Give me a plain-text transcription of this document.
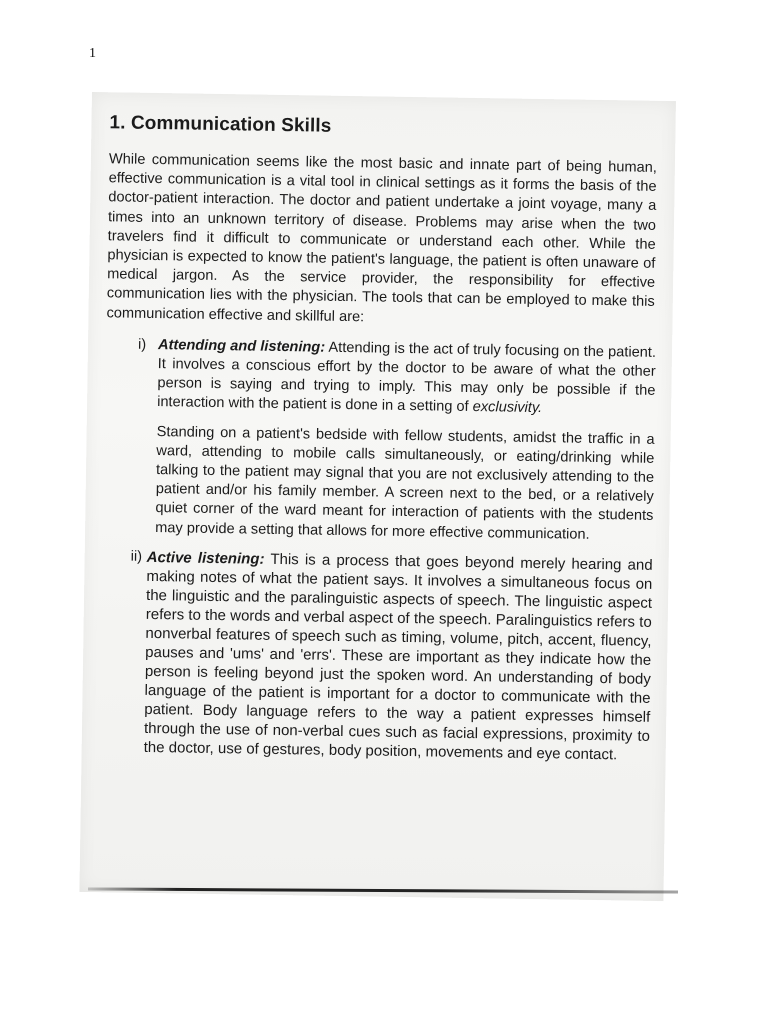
1
1. Communication Skills

While communication seems like the most basic and innate part of being human, effective communication is a vital tool in clinical settings as it forms the basis of the doctor-patient interaction. The doctor and patient undertake a joint voyage, many a times into an unknown territory of disease. Problems may arise when the two travelers find it difficult to communicate or understand each other. While the physician is expected to know the patient's language, the patient is often unaware of medical jargon. As the service provider, the responsibility for effective communication lies with the physician. The tools that can be employed to make this communication effective and skillful are:

i) Attending and listening: Attending is the act of truly focusing on the patient. It involves a conscious effort by the doctor to be aware of what the other person is saying and trying to imply. This may only be possible if the interaction with the patient is done in a setting of exclusivity.

Standing on a patient's bedside with fellow students, amidst the traffic in a ward, attending to mobile calls simultaneously, or eating/drinking while talking to the patient may signal that you are not exclusively attending to the patient and/or his family member. A screen next to the bed, or a relatively quiet corner of the ward meant for interaction of patients with the students may provide a setting that allows for more effective communication.

ii) Active listening: This is a process that goes beyond merely hearing and making notes of what the patient says. It involves a simultaneous focus on the linguistic and the paralinguistic aspects of speech. The linguistic aspect refers to the words and verbal aspect of the speech. Paralinguistics refers to nonverbal features of speech such as timing, volume, pitch, accent, fluency, pauses and 'ums' and 'errs'. These are important as they indicate how the person is feeling beyond just the spoken word. An understanding of body language of the patient is important for a doctor to communicate with the patient. Body language refers to the way a patient expresses himself through the use of non-verbal cues such as facial expressions, proximity to the doctor, use of gestures, body position, movements and eye contact.
